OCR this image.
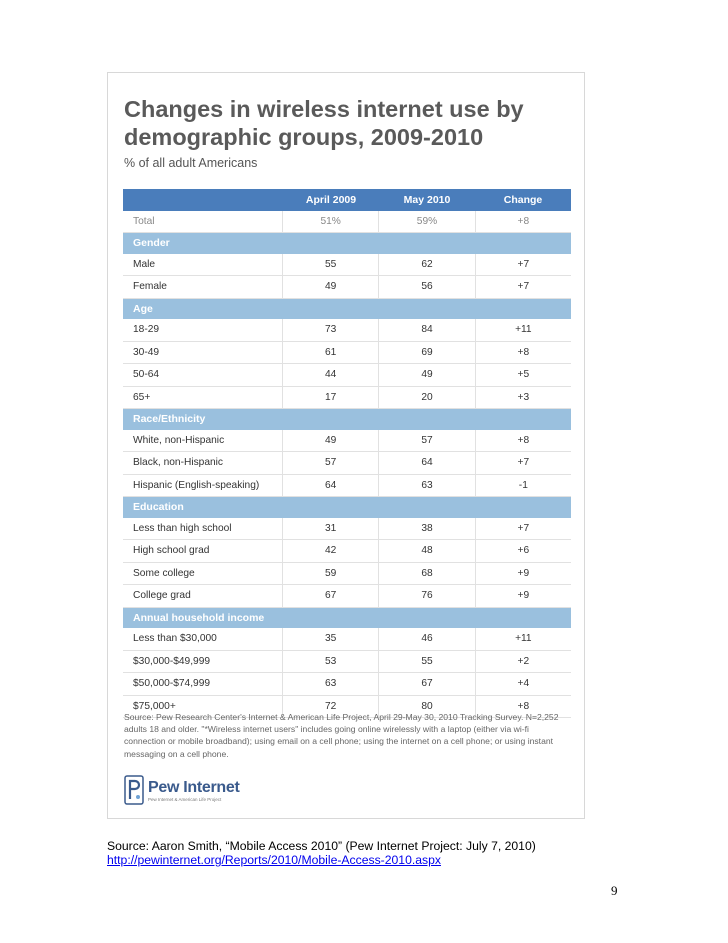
Changes in wireless internet use by demographic groups, 2009-2010
% of all adult Americans
April 2009	May 2010	Change
Total	51%	59%	+8
Gender
Male	55	62	+7
Female	49	56	+7
Age
18-29	73	84	+11
30-49	61	69	+8
50-64	44	49	+5
65+	17	20	+3
Race/Ethnicity
White, non-Hispanic	49	57	+8
Black, non-Hispanic	57	64	+7
Hispanic (English-speaking)	64	63	-1
Education
Less than high school	31	38	+7
High school grad	42	48	+6
Some college	59	68	+9
College grad	67	76	+9
Annual household income
Less than $30,000	35	46	+11
$30,000-$49,999	53	55	+2
$50,000-$74,999	63	67	+4
$75,000+	72	80	+8
Source: Pew Research Center's Internet & American Life Project, April 29-May 30, 2010 Tracking Survey. N=2,252 adults 18 and older. "*Wireless internet users" includes going online wirelessly with a laptop (either via wi-fi connection or mobile broadband); using email on a cell phone; using the internet on a cell phone; or using instant messaging on a cell phone.
Pew Internet
Pew Internet & American Life Project
Source: Aaron Smith, “Mobile Access 2010” (Pew Internet Project: July 7, 2010)
http://pewinternet.org/Reports/2010/Mobile-Access-2010.aspx
9
